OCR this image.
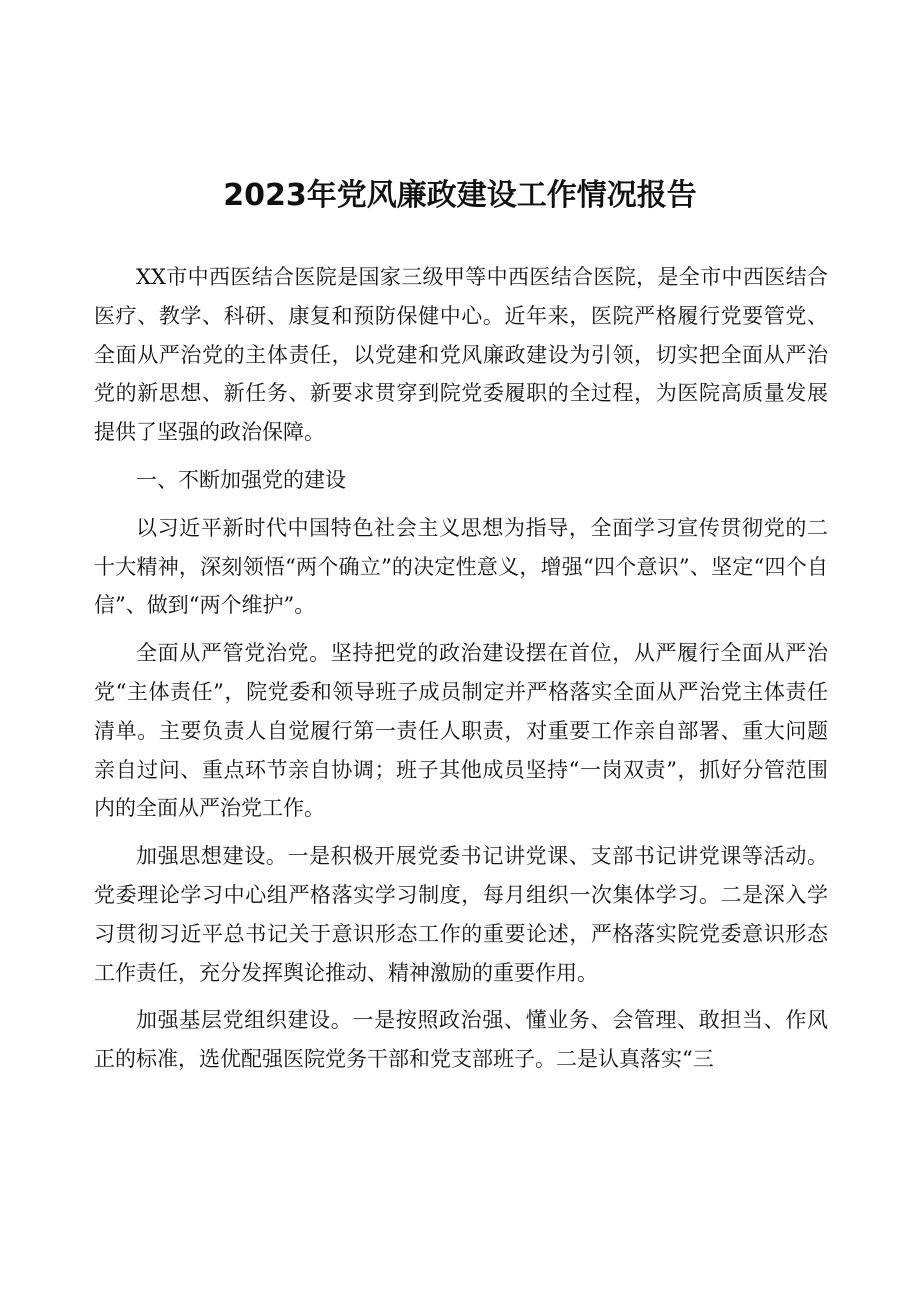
2023年党风廉政建设工作情况报告

XX市中西医结合医院是国家三级甲等中西医结合医院，是全市中西医结合医疗、教学、科研、康复和预防保健中心。近年来，医院严格履行党要管党、全面从严治党的主体责任，以党建和党风廉政建设为引领，切实把全面从严治党的新思想、新任务、新要求贯穿到院党委履职的全过程，为医院高质量发展提供了坚强的政治保障。

一、不断加强党的建设

以习近平新时代中国特色社会主义思想为指导，全面学习宣传贯彻党的二十大精神，深刻领悟“两个确立”的决定性意义，增强“四个意识”、坚定“四个自信”、做到“两个维护”。

全面从严管党治党。坚持把党的政治建设摆在首位，从严履行全面从严治党“主体责任”，院党委和领导班子成员制定并严格落实全面从严治党主体责任清单。主要负责人自觉履行第一责任人职责，对重要工作亲自部署、重大问题亲自过问、重点环节亲自协调；班子其他成员坚持“一岗双责”，抓好分管范围内的全面从严治党工作。

加强思想建设。一是积极开展党委书记讲党课、支部书记讲党课等活动。党委理论学习中心组严格落实学习制度，每月组织一次集体学习。二是深入学习贯彻习近平总书记关于意识形态工作的重要论述，严格落实院党委意识形态工作责任，充分发挥舆论推动、精神激励的重要作用。

加强基层党组织建设。一是按照政治强、懂业务、会管理、敢担当、作风正的标准，选优配强医院党务干部和党支部班子。二是认真落实“三
